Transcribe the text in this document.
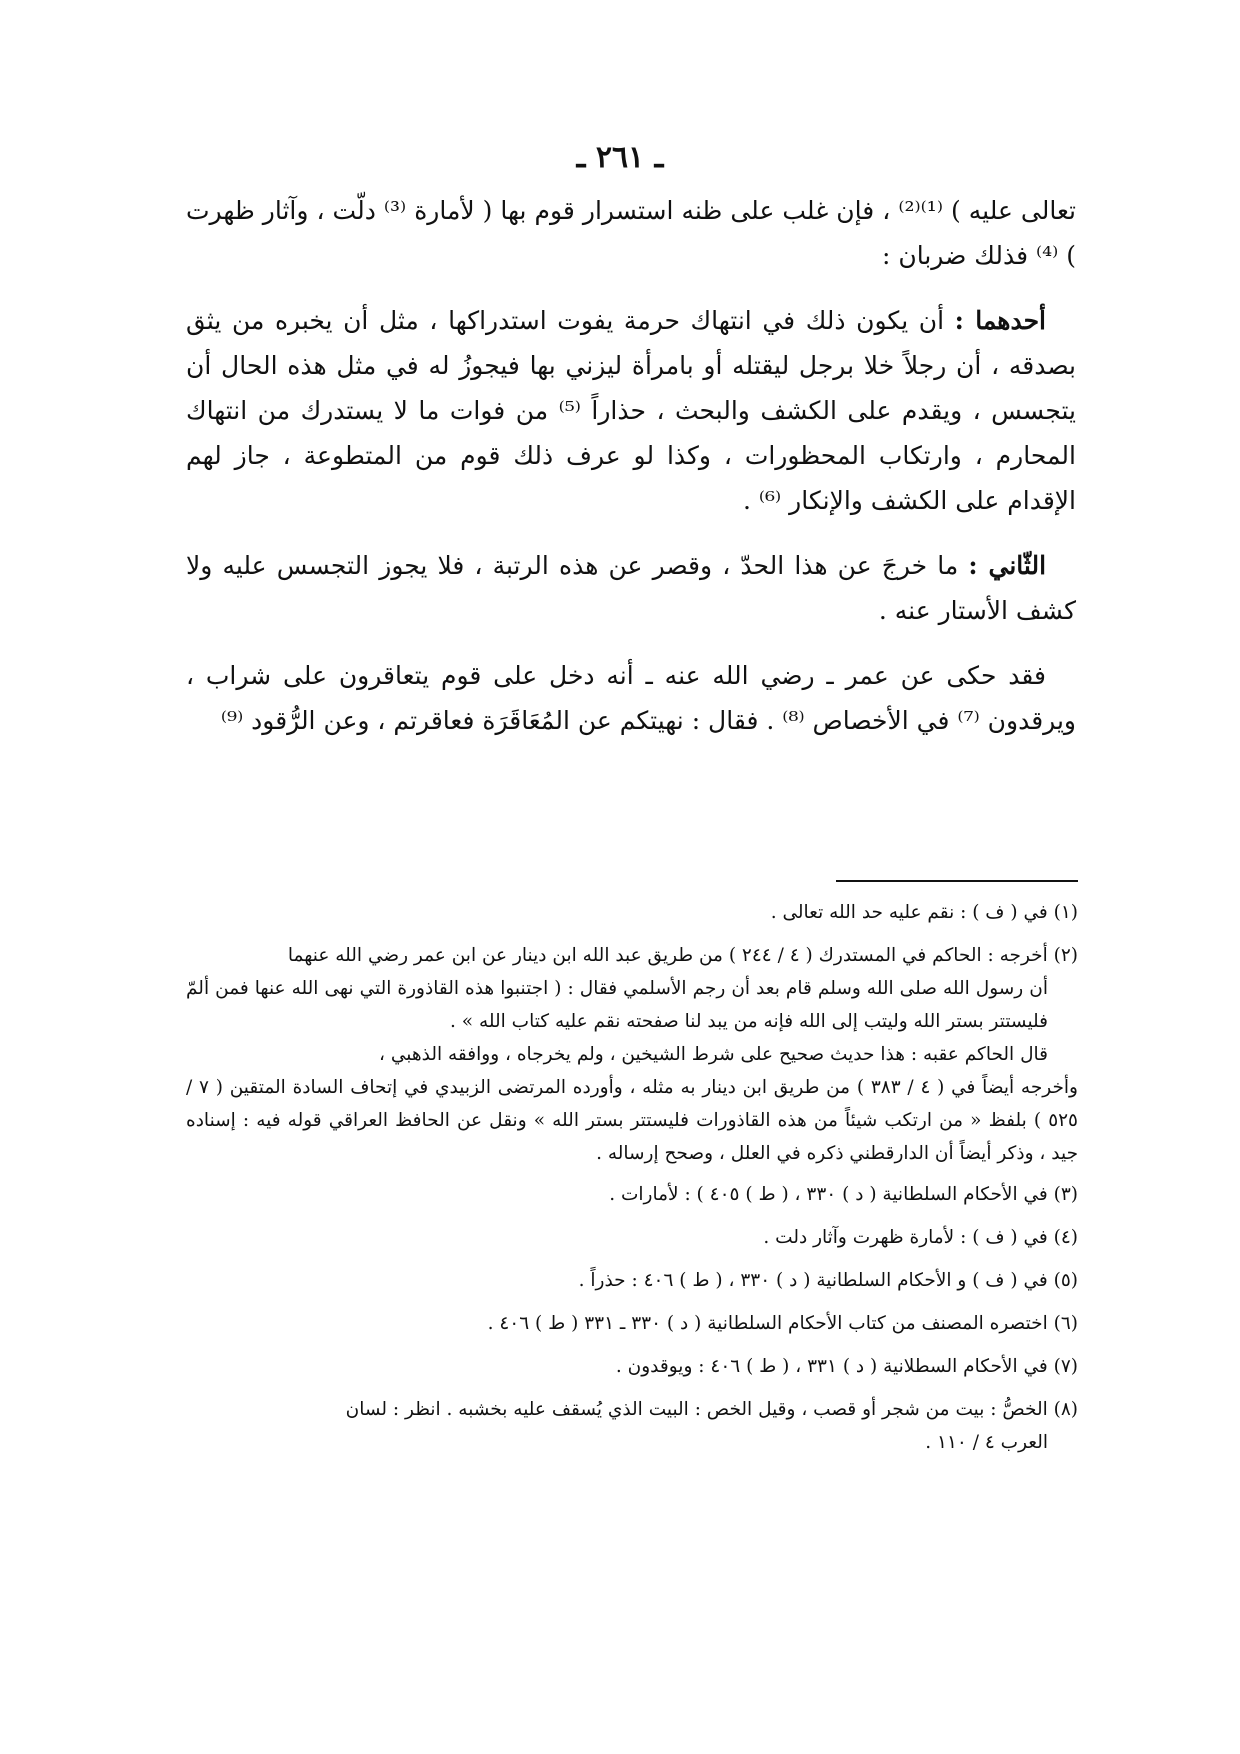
ـ ٢٦١ ـ

تعالى عليه ) ⁽¹⁾⁽²⁾ ، فإن غلب على ظنه استسرار قوم بها ( لأمارة ⁽³⁾ دلّت ، وآثار ظهرت ) ⁽⁴⁾ فذلك ضربان :

أحدهما : أن يكون ذلك في انتهاك حرمة يفوت استدراكها ، مثل أن يخبره من يثق بصدقه ، أن رجلاً خلا برجل ليقتله أو بامرأة ليزني بها فيجوزُ له في مثل هذه الحال أن يتجسس ، ويقدم على الكشف والبحث ، حذاراً ⁽⁵⁾ من فوات ما لا يستدرك من انتهاك المحارم ، وارتكاب المحظورات ، وكذا لو عرف ذلك قوم من المتطوعة ، جاز لهم الإقدام على الكشف والإنكار ⁽⁶⁾ .

الثّاني : ما خرجَ عن هذا الحدّ ، وقصر عن هذه الرتبة ، فلا يجوز التجسس عليه ولا كشف الأستار عنه .

فقد حكى عن عمر ـ رضي الله عنه ـ أنه دخل على قوم يتعاقرون على شراب ، ويرقدون ⁽⁷⁾ في الأخصاص ⁽⁸⁾ . فقال : نهيتكم عن المُعَاقَرَة فعاقرتم ، وعن الرُّقود ⁽⁹⁾

(١) في ( ف ) : نقم عليه حد الله تعالى .
(٢) أخرجه : الحاكم في المستدرك ( ٤ / ٢٤٤ ) من طريق عبد الله ابن دينار عن ابن عمر رضي الله عنهما
أن رسول الله صلى الله وسلم قام بعد أن رجم الأسلمي فقال : ( اجتنبوا هذه القاذورة التي نهى الله عنها فمن ألمّ فليستتر بستر الله وليتب إلى الله فإنه من يبد لنا صفحته نقم عليه كتاب الله » .
قال الحاكم عقبه : هذا حديث صحيح على شرط الشيخين ، ولم يخرجاه ، ووافقه الذهبي ،
وأخرجه أيضاً في ( ٤ / ٣٨٣ ) من طريق ابن دينار به مثله ، وأورده المرتضى الزبيدي في إتحاف السادة المتقين ( ٧ / ٥٢٥ ) بلفظ « من ارتكب شيئاً من هذه القاذورات فليستتر بستر الله » ونقل عن الحافظ العراقي قوله فيه : إسناده جيد ، وذكر أيضاً أن الدارقطني ذكره في العلل ، وصحح إرساله .
(٣) في الأحكام السلطانية ( د ) ٣٣٠ ، ( ط ) ٤٠٥ ) : لأمارات .
(٤) في ( ف ) : لأمارة ظهرت وآثار دلت .
(٥) في ( ف ) و الأحكام السلطانية ( د ) ٣٣٠ ، ( ط ) ٤٠٦ : حذراً .
(٦) اختصره المصنف من كتاب الأحكام السلطانية ( د ) ٣٣٠ ـ ٣٣١ ( ط ) ٤٠٦ .
(٧) في الأحكام السطلانية ( د ) ٣٣١ ، ( ط ) ٤٠٦ : ويوقدون .
(٨) الخصُّ : بيت من شجر أو قصب ، وقيل الخص : البيت الذي يُسقف عليه بخشبه . انظر : لسان
العرب ٤ / ١١٠ .
